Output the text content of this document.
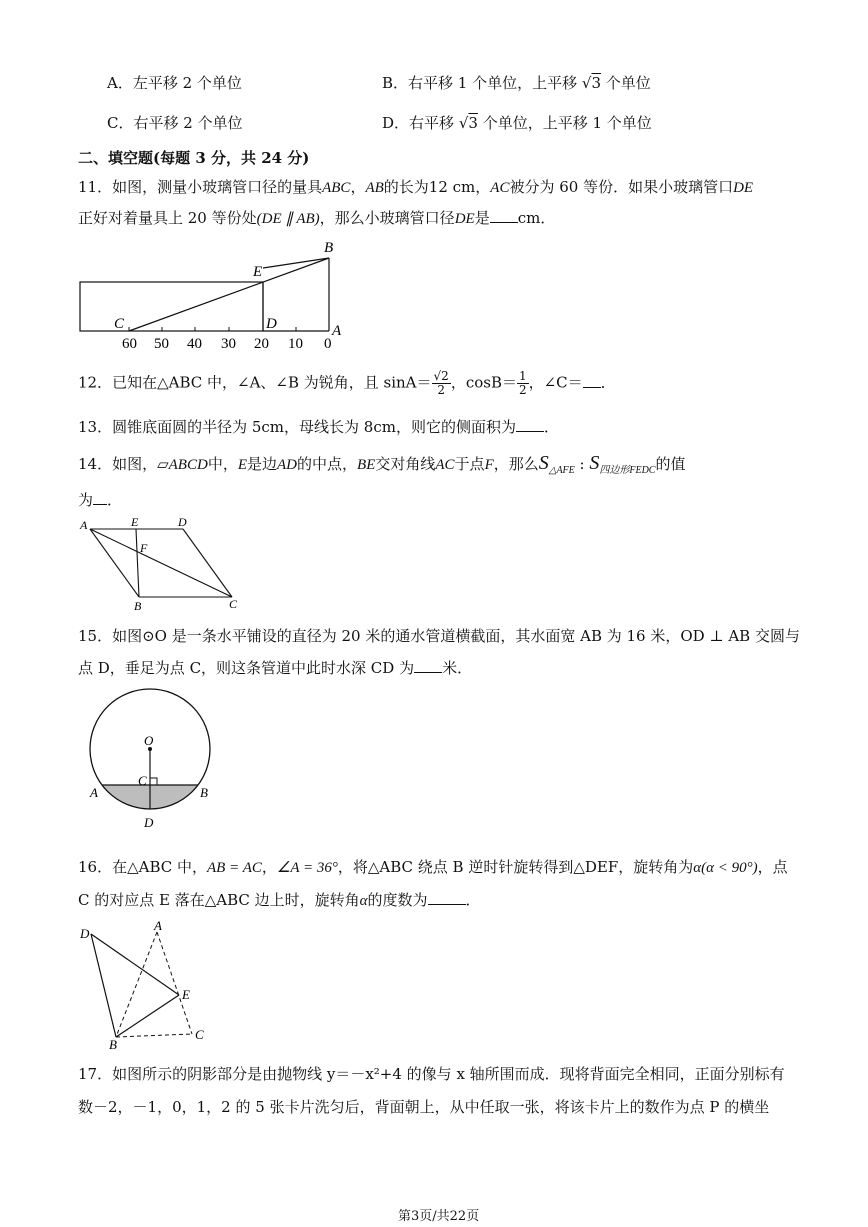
A．左平移 2 个单位	B．右平移 1 个单位，上平移 √3 个单位
C．右平移 2 个单位	D．右平移 √3 个单位，上平移 1 个单位
二、填空题(每题 3 分，共 24 分)
11．如图，测量小玻璃管口径的量具ABC，AB的长为12 cm，AC被分为 60 等份．如果小玻璃管口DE
正好对着量具上 20 等份处(DE ∥ AB)，那么小玻璃管口径DE是 cm．
B
E
C	D	A
60 50 40 30 20 10 0
12．已知在△ABC 中，∠A、∠B 为锐角，且 $\sin A= \frac{√2}{2}$ ，$\cos B= \frac{1}{2}$ ，∠C＝ ．
13．圆锥底面圆的半径为 5cm，母线长为 8cm，则它的侧面积为 ．
14．如图，▱ABCD中，E是边AD的中点，BE交对角线AC于点F，那么$S_{\triangle AFE}$ : $S_{四边形FEDC}$的值
为 ．
A	E	D
F
B	C
15．如图⊙O 是一条水平铺设的直径为 20 米的通水管道横截面，其水面宽 AB 为 16 米，OD ⊥ AB 交圆与
点 D，垂足为点 C，则这条管道中此时水深 CD 为 米．
O
C
A	B
D
16．在△ABC 中，AB = AC，∠A = 36°，将△ABC 绕点 B 逆时针旋转得到△DEF，旋转角为α(α < 90°)，点
C 的对应点 E 落在△ABC 边上时，旋转角α的度数为	．
D
A
E
B
C
17．如图所示的阴影部分是由抛物线 y＝－x²+4 的像与 x 轴所围而成．现将背面完全相同，正面分别标有
数－2，－1，0，1，2 的 5 张卡片洗匀后，背面朝上，从中任取一张，将该卡片上的数作为点 P 的横坐
第3页/共22页
